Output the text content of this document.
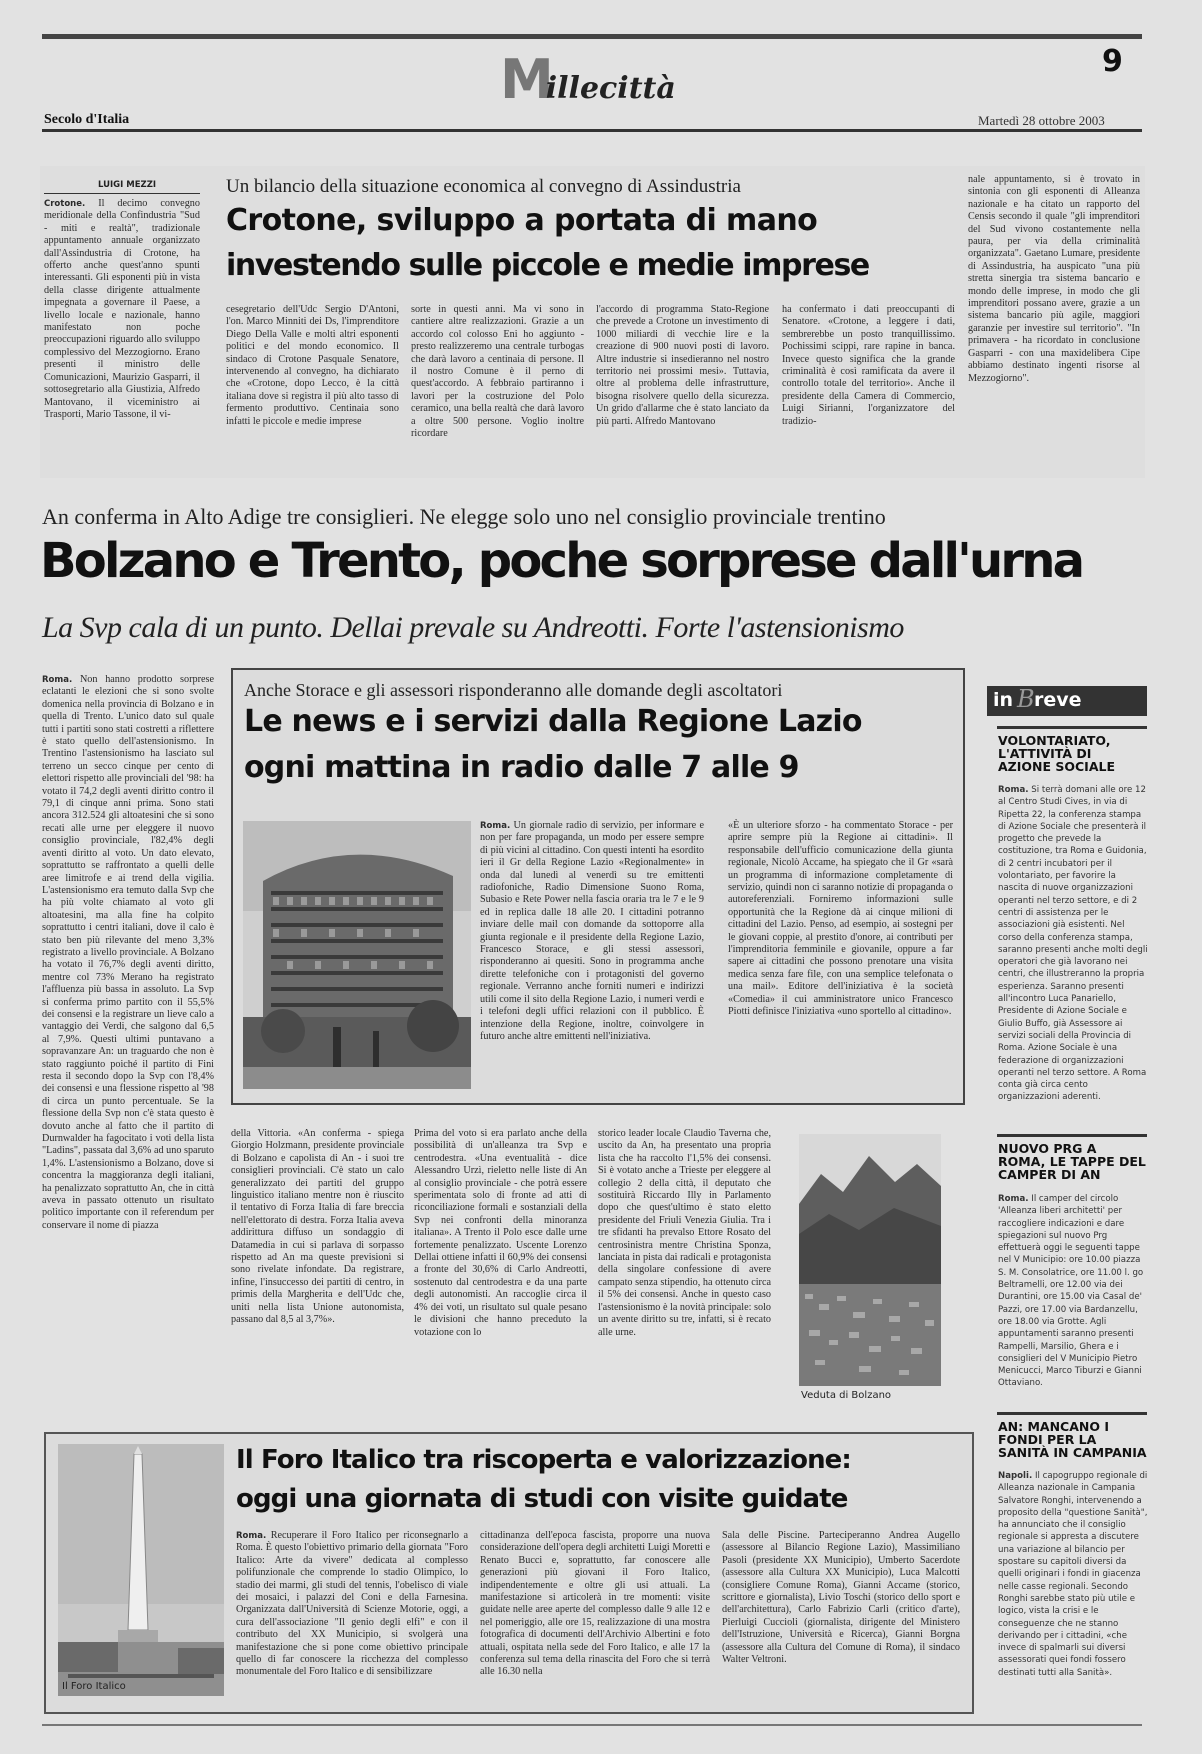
9
Millecittà
Secolo d'Italia	Martedì 28 ottobre 2003
LUIGI MEZZI
Crotone. Il decimo convegno meridionale della Confindustria "Sud - miti e realtà", tradizionale appuntamento annuale organizzato dall'Assindustria di Crotone, ha offerto anche quest'anno spunti interessanti. Gli esponenti più in vista della classe dirigente attualmente impegnata a governare il Paese, a livello locale e nazionale, hanno manifestato non poche preoccupazioni riguardo allo sviluppo complessivo del Mezzogiorno. Erano presenti il ministro delle Comunicazioni, Maurizio Gasparri, il sottosegretario alla Giustizia, Alfredo Mantovano, il viceministro ai Trasporti, Mario Tassone, il vi-
Un bilancio della situazione economica al convegno di Assindustria
Crotone, sviluppo a portata di mano
investendo sulle piccole e medie imprese
cesegretario dell'Udc Sergio D'Antoni, l'on. Marco Minniti dei Ds, l'imprenditore Diego Della Valle e molti altri esponenti politici e del mondo economico. Il sindaco di Crotone Pasquale Senatore, intervenendo al convegno, ha dichiarato che «Crotone, dopo Lecco, è la città italiana dove si registra il più alto tasso di fermento produttivo. Centinaia sono infatti le piccole e medie imprese
sorte in questi anni. Ma vi sono in cantiere altre realizzazioni. Grazie a un accordo col colosso Eni ho aggiunto - presto realizzeremo una centrale turbogas che darà lavoro a centinaia di persone. Il il nostro Comune è il perno di quest'accordo. A febbraio partiranno i lavori per la costruzione del Polo ceramico, una bella realtà che darà lavoro a oltre 500 persone. Voglio inoltre ricordare
l'accordo di programma Stato-Regione che prevede a Crotone un investimento di 1000 miliardi di vecchie lire e la creazione di 900 nuovi posti di lavoro. Altre industrie si insedieranno nel nostro territorio nei prossimi mesi». Tuttavia, oltre al problema delle infrastrutture, bisogna risolvere quello della sicurezza. Un grido d'allarme che è stato lanciato da più parti. Alfredo Mantovano
ha confermato i dati preoccupanti di Senatore. «Crotone, a leggere i dati, sembrerebbe un posto tranquillissimo. Pochissimi scippi, rare rapine in banca. Invece questo significa che la grande criminalità è così ramificata da avere il controllo totale del territorio». Anche il presidente della Camera di Commercio, Luigi Sirianni, l'organizzatore del tradizio-
nale appuntamento, si è trovato in sintonia con gli esponenti di Alleanza nazionale e ha citato un rapporto del Censis secondo il quale "gli imprenditori del Sud vivono costantemente nella paura, per via della criminalità organizzata". Gaetano Lumare, presidente di Assindustria, ha auspicato "una più stretta sinergia tra sistema bancario e mondo delle imprese, in modo che gli imprenditori possano avere, grazie a un sistema bancario più agile, maggiori garanzie per investire sul territorio". "In primavera - ha ricordato in conclusione Gasparri - con una maxidelibera Cipe abbiamo destinato ingenti risorse al Mezzogiorno".
An conferma in Alto Adige tre consiglieri. Ne elegge solo uno nel consiglio provinciale trentino
Bolzano e Trento, poche sorprese dall'urna
La Svp cala di un punto. Dellai prevale su Andreotti. Forte l'astensionismo
Roma. Non hanno prodotto sorprese eclatanti le elezioni che si sono svolte domenica nella provincia di Bolzano e in quella di Trento. L'unico dato sul quale tutti i partiti sono stati costretti a riflettere è stato quello dell'astensionismo. In Trentino l'astensionismo ha lasciato sul terreno un secco cinque per cento di elettori rispetto alle provinciali del '98: ha votato il 74,2 degli aventi diritto contro il 79,1 di cinque anni prima. Sono stati ancora 312.524 gli altoatesini che si sono recati alle urne per eleggere il nuovo consiglio provinciale, l'82,4% degli aventi diritto al voto. Un dato elevato, soprattutto se raffrontato a quelli delle aree limitrofe e ai trend della vigilia. L'astensionismo era temuto dalla Svp che ha più volte chiamato al voto gli altoatesini, ma alla fine ha colpito soprattutto i centri italiani, dove il calo è stato ben più rilevante del meno 3,3% registrato a livello provinciale. A Bolzano ha votato il 76,7% degli aventi diritto, mentre col 73% Merano ha registrato l'affluenza più bassa in assoluto. La Svp si conferma primo partito con il 55,5% dei consensi e la registrare un lieve calo a vantaggio dei Verdi, che salgono dal 6,5 al 7,9%. Questi ultimi puntavano a sopravanzare An: un traguardo che non è stato raggiunto poiché il partito di Fini resta il secondo dopo la Svp con l'8,4% dei consensi e una flessione rispetto al '98 di circa un punto percentuale. Se la flessione della Svp non c'è stata questo è dovuto anche al fatto che il partito di Durnwalder ha fagocitato i voti della lista "Ladins", passata dal 3,6% ad uno sparuto 1,4%. L'astensionismo a Bolzano, dove si concentra la maggioranza degli italiani, ha penalizzato soprattutto An, che in città aveva in passato ottenuto un risultato politico importante con il referendum per conservare il nome di piazza
Anche Storace e gli assessori risponderanno alle domande degli ascoltatori
Le news e i servizi dalla Regione Lazio
ogni mattina in radio dalle 7 alle 9
Roma. Un giornale radio di servizio, per informare e non per fare propaganda, un modo per essere sempre di più vicini al cittadino. Con questi intenti ha esordito ieri il Gr della Regione Lazio «Regionalmente» in onda dal lunedì al venerdì su tre emittenti radiofoniche, Radio Dimensione Suono Roma, Subasio e Rete Power nella fascia oraria tra le 7 e le 9 ed in replica dalle 18 alle 20. I cittadini potranno inviare delle mail con domande da sottoporre alla giunta regionale e il presidente della Regione Lazio, Francesco Storace, e gli stessi assessori, risponderanno ai quesiti. Sono in programma anche dirette telefoniche con i protagonisti del governo regionale. Verranno anche forniti numeri e indirizzi utili come il sito della Regione Lazio, i numeri verdi e i telefoni degli uffici relazioni con il pubblico. È intenzione della Regione, inoltre, coinvolgere in futuro anche altre emittenti nell'iniziativa.
«È un ulteriore sforzo - ha commentato Storace - per aprire sempre più la Regione ai cittadini». Il responsabile dell'ufficio comunicazione della giunta regionale, Nicolò Accame, ha spiegato che il Gr «sarà un programma di informazione completamente di servizio, quindi non ci saranno notizie di propaganda o autoreferenziali. Forniremo informazioni sulle opportunità che la Regione dà ai cinque milioni di cittadini del Lazio. Penso, ad esempio, ai sostegni per le giovani coppie, al prestito d'onore, ai contributi per l'imprenditoria femminile e giovanile, oppure a far sapere ai cittadini che possono prenotare una visita medica senza fare file, con una semplice telefonata o una mail». Editore dell'iniziativa è la società «Comedia» il cui amministratore unico Francesco Piotti definisce l'iniziativa «uno sportello al cittadino».
della Vittoria. «An conferma - spiega Giorgio Holzmann, presidente provinciale di Bolzano e capolista di An - i suoi tre consiglieri provinciali. C'è stato un calo generalizzato dei partiti del gruppo linguistico italiano mentre non è riuscito il tentativo di Forza Italia di fare breccia nell'elettorato di destra. Forza Italia aveva addirittura diffuso un sondaggio di Datamedia in cui si parlava di sorpasso rispetto ad An ma queste previsioni si sono rivelate infondate. Da registrare, infine, l'insuccesso dei partiti di centro, in primis della Margherita e dell'Udc che, uniti nella lista Unione autonomista, passano dal 8,5 al 3,7%».
Prima del voto si era parlato anche della possibilità di un'alleanza tra Svp e centrodestra. «Una eventualità - dice Alessandro Urzì, rieletto nelle liste di An al consiglio provinciale - che potrà essere sperimentata solo di fronte ad atti di riconciliazione formali e sostanziali della Svp nei confronti della minoranza italiana». A Trento il Polo esce dalle urne fortemente penalizzato. Uscente Lorenzo Dellai ottiene infatti il 60,9% dei consensi a fronte del 30,6% di Carlo Andreotti, sostenuto dal centrodestra e da una parte degli autonomisti. An raccoglie circa il 4% dei voti, un risultato sul quale pesano le divisioni che hanno preceduto la votazione con lo
storico leader locale Claudio Taverna che, uscito da An, ha presentato una propria lista che ha raccolto l'1,5% dei consensi. Si è votato anche a Trieste per eleggere al collegio 2 della città, il deputato che sostituirà Riccardo Illy in Parlamento dopo che quest'ultimo è stato eletto presidente del Friuli Venezia Giulia. Tra i tre sfidanti ha prevalso Ettore Rosato del centrosinistra mentre Christina Sponza, lanciata in pista dai radicali e protagonista della singolare confessione di avere campato senza stipendio, ha ottenuto circa il 5% dei consensi. Anche in questo caso l'astensionismo è la novità principale: solo un avente diritto su tre, infatti, si è recato alle urne.
Veduta di Bolzano
in B reve
VOLONTARIATO, L'ATTIVITÀ DI AZIONE SOCIALE
Roma. Si terrà domani alle ore 12 al Centro Studi Cives, in via di Ripetta 22, la conferenza stampa di Azione Sociale che presenterà il progetto che prevede la costituzione, tra Roma e Guidonia, di 2 centri incubatori per il volontariato, per favorire la nascita di nuove organizzazioni operanti nel terzo settore, e di 2 centri di assistenza per le associazioni già esistenti. Nel corso della conferenza stampa, saranno presenti anche molti degli operatori che già lavorano nei centri, che illustreranno la propria esperienza. Saranno presenti all'incontro Luca Panariello, Presidente di Azione Sociale e Giulio Buffo, già Assessore ai servizi sociali della Provincia di Roma. Azione Sociale è una federazione di organizzazioni operanti nel terzo settore. A Roma conta già circa cento organizzazioni aderenti.
NUOVO PRG A ROMA, LE TAPPE DEL CAMPER DI AN
Roma. Il camper del circolo 'Alleanza liberi architetti' per raccogliere indicazioni e dare spiegazioni sul nuovo Prg effettuerà oggi le seguenti tappe nel V Municipio: ore 10.00 piazza S. M. Consolatrice, ore 11.00 l. go Beltramelli, ore 12.00 via dei Durantini, ore 15.00 via Casal de' Pazzi, ore 17.00 via Bardanzellu, ore 18.00 via Grotte. Agli appuntamenti saranno presenti Rampelli, Marsilio, Ghera e i consiglieri del V Municipio Pietro Menicucci, Marco Tiburzi e Gianni Ottaviano.
AN: MANCANO I FONDI PER LA SANITÀ IN CAMPANIA
Napoli. Il capogruppo regionale di Alleanza nazionale in Campania Salvatore Ronghi, intervenendo a proposito della "questione Sanità", ha annunciato che il consiglio regionale si appresta a discutere una variazione al bilancio per spostare su capitoli diversi da quelli originari i fondi in giacenza nelle casse regionali. Secondo Ronghi sarebbe stato più utile e logico, vista la crisi e le conseguenze che ne stanno derivando per i cittadini, «che invece di spalmarli sui diversi assessorati quei fondi fossero destinati tutti alla Sanità».
Il Foro Italico
Il Foro Italico tra riscoperta e valorizzazione:
oggi una giornata di studi con visite guidate
Roma. Recuperare il Foro Italico per riconsegnarlo a Roma. È questo l'obiettivo primario della giornata "Foro Italico: Arte da vivere" dedicata al complesso polifunzionale che comprende lo stadio Olimpico, lo stadio dei marmi, gli studi del tennis, l'obelisco di viale dei mosaici, i palazzi del Coni e della Farnesina. Organizzata dall'Università di Scienze Motorie, oggi, a cura dell'associazione "Il genio degli elfi" e con il contributo del XX Municipio, si svolgerà una manifestazione che si pone come obiettivo principale quello di far conoscere la ricchezza del complesso monumentale del Foro Italico e di sensibilizzare
cittadinanza dell'epoca fascista, proporre una nuova considerazione dell'opera degli architetti Luigi Moretti e Renato Bucci e, soprattutto, far conoscere alle generazioni più giovani il Foro Italico, indipendentemente e oltre gli usi attuali. La manifestazione si articolerà in tre momenti: visite guidate nelle aree aperte del complesso dalle 9 alle 12 e nel pomeriggio, alle ore 15, realizzazione di una mostra fotografica di documenti dell'Archivio Albertini e foto attuali, ospitata nella sede del Foro Italico, e alle 17 la conferenza sul tema della rinascita del Foro che si terrà alle 16.30 nella
Sala delle Piscine. Parteciperanno Andrea Augello (assessore al Bilancio Regione Lazio), Massimiliano Pasoli (presidente XX Municipio), Umberto Sacerdote (assessore alla Cultura XX Municipio), Luca Malcotti (consigliere Comune Roma), Gianni Accame (storico, scrittore e giornalista), Livio Toschi (storico dello sport e dell'architettura), Carlo Fabrizio Carli (critico d'arte), Pierluigi Cuccioli (giornalista, dirigente del Ministero dell'Istruzione, Università e Ricerca), Gianni Borgna (assessore alla Cultura del Comune di Roma), il sindaco Walter Veltroni.
